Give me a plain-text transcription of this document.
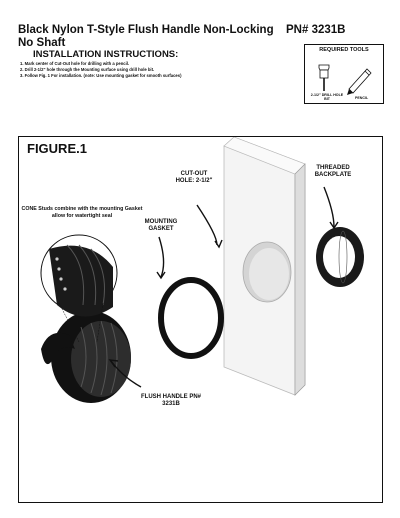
Black Nylon T-Style Flush Handle Non-Locking
No Shaft
PN# 3231B
INSTALLATION INSTRUCTIONS:
1. Mark center of Cut-Out hole for drilling with a pencil.
2. Drill 2-1/2" hole through the Mounting surface using drill hole bit.
3. Follow Fig. 1 For installation. (note: Use mounting gasket for smooth surfaces)
REQUIRED TOOLS
2-1/2" DRILL HOLE BIT	PENCIL
FIGURE.1
CUT-OUT HOLE: 2-1/2"
THREADED BACKPLATE
MOUNTING GASKET
CONE Studs combine with the mounting Gasket allow for watertight seal
FLUSH HANDLE PN# 3231B
